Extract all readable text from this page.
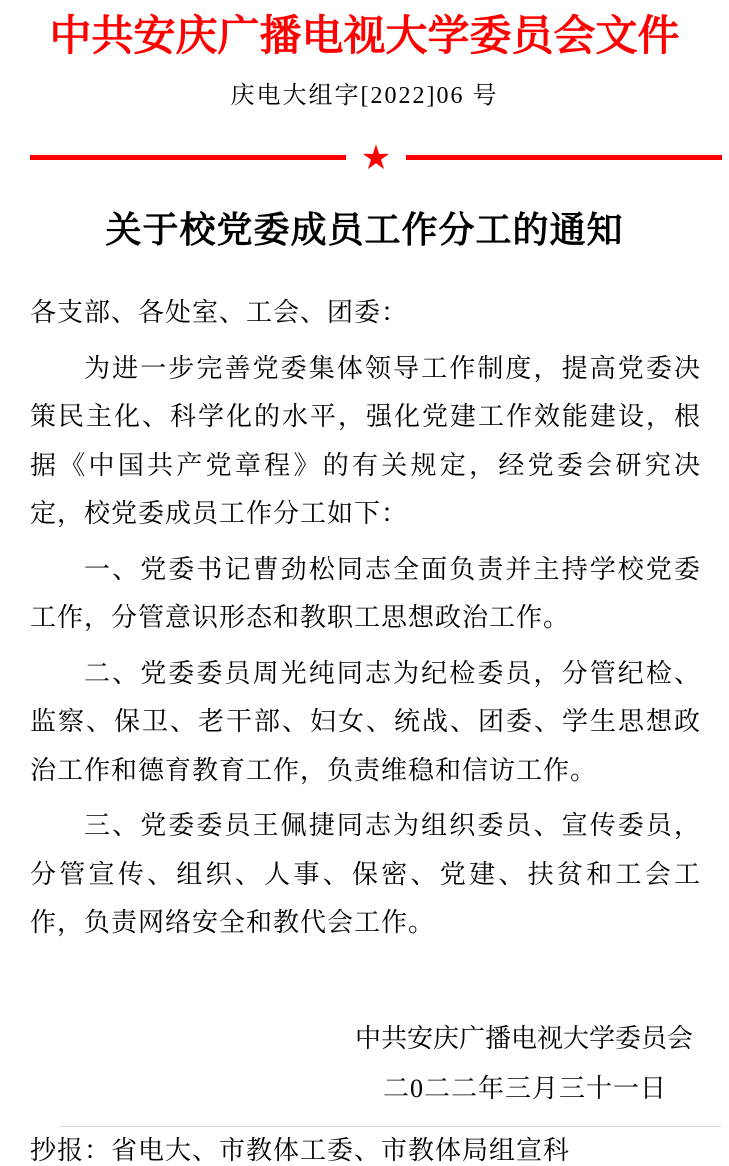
中共安庆广播电视大学委员会文件
庆电大组字[2022]06 号
★
关于校党委成员工作分工的通知
各支部、各处室、工会、团委：
为进一步完善党委集体领导工作制度，提高党委决策民主化、科学化的水平，强化党建工作效能建设，根据《中国共产党章程》的有关规定，经党委会研究决定，校党委成员工作分工如下：
一、党委书记曹劲松同志全面负责并主持学校党委工作，分管意识形态和教职工思想政治工作。
二、党委委员周光纯同志为纪检委员，分管纪检、监察、保卫、老干部、妇女、统战、团委、学生思想政治工作和德育教育工作，负责维稳和信访工作。
三、党委委员王佩捷同志为组织委员、宣传委员，分管宣传、组织、人事、保密、党建、扶贫和工会工作，负责网络安全和教代会工作。
中共安庆广播电视大学委员会
二0二二年三月三十一日
抄报：省电大、市教体工委、市教体局组宣科
